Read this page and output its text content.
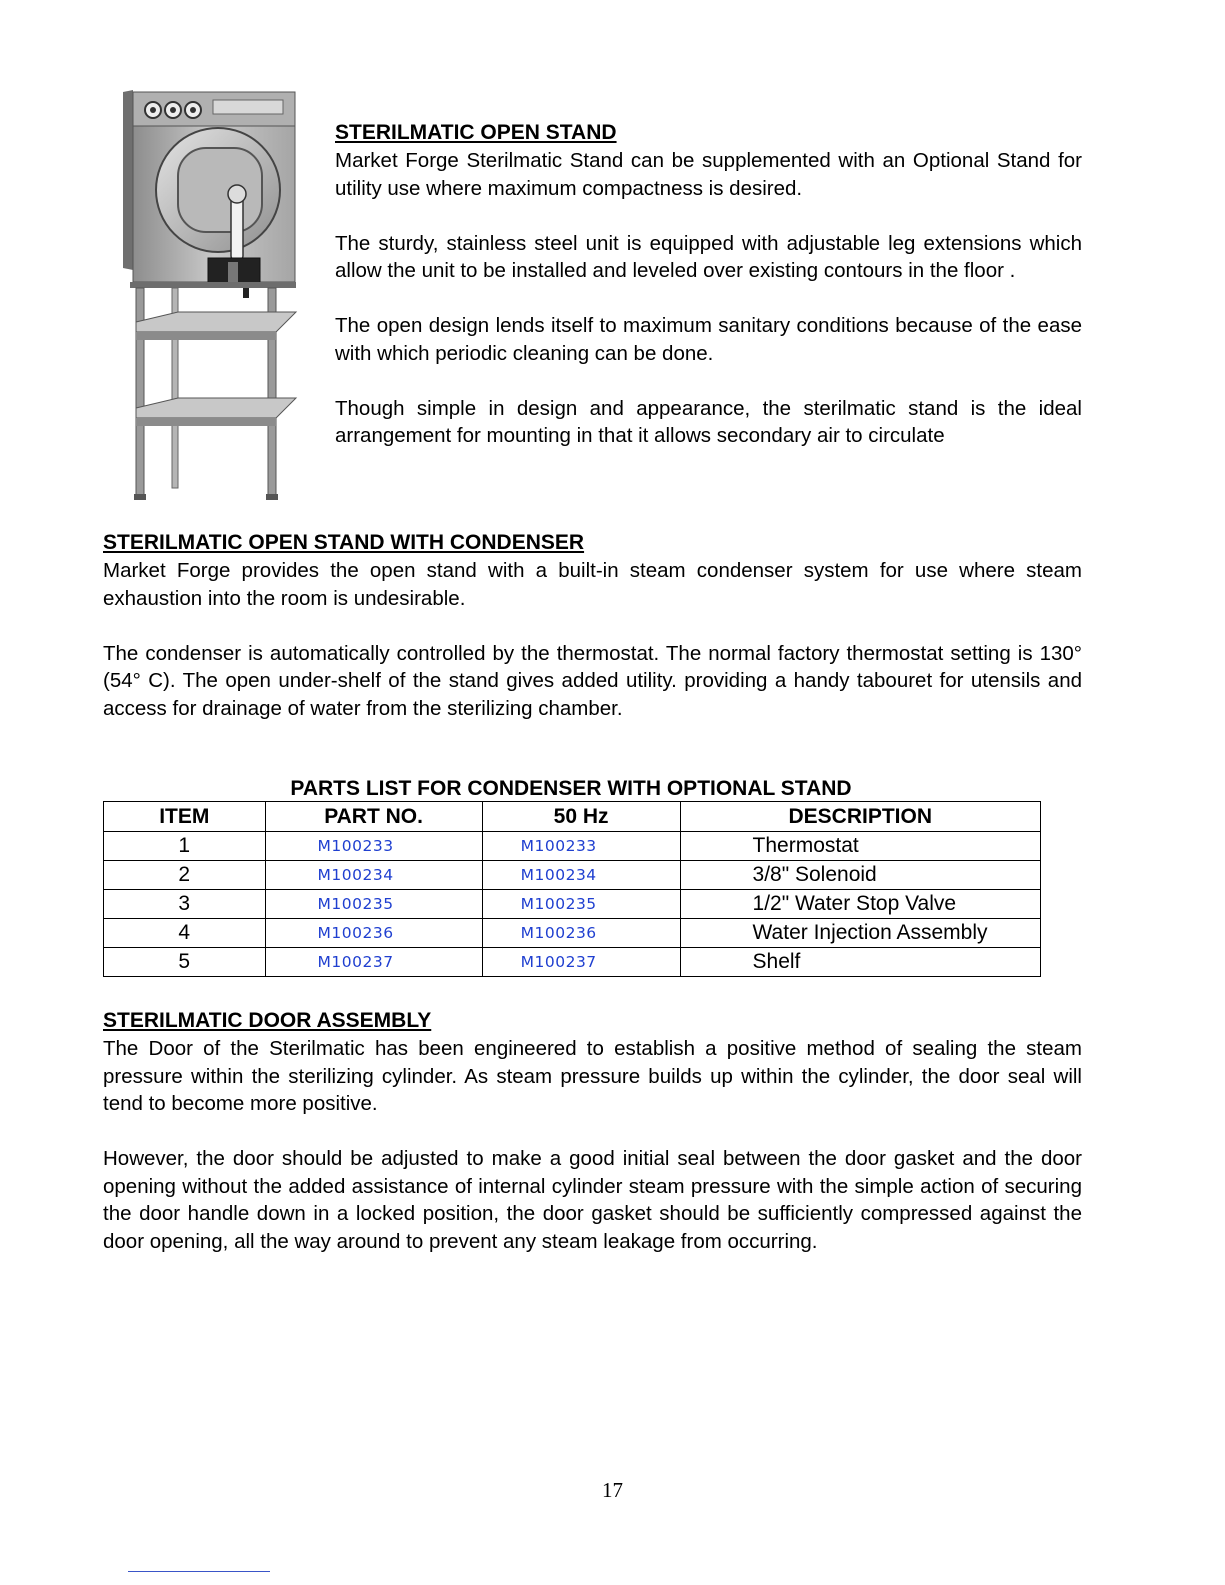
STERILMATIC OPEN STAND
Market Forge Sterilmatic Stand can be supplemented with an Optional Stand for utility use where maximum compactness is desired.
The sturdy, stainless steel unit is equipped with adjustable leg extensions which allow the unit to be installed and leveled over existing contours in the floor .
The open design lends itself to maximum sanitary conditions because of the ease with which periodic cleaning can be done.
Though simple in design and appearance, the sterilmatic stand is the ideal arrangement for mounting in that it allows secondary air to circulate
STERILMATIC OPEN STAND WITH CONDENSER
Market Forge provides the open stand with a built-in steam condenser system for use where steam exhaustion into the room is undesirable.
The condenser is automatically controlled by the thermostat. The normal factory thermostat setting is 130° (54° C). The open under-shelf of the stand gives added utility. providing a handy tabouret for utensils and access for drainage of water from the sterilizing chamber.
PARTS LIST FOR CONDENSER WITH OPTIONAL STAND
ITEM	PART NO.	50 Hz	DESCRIPTION
1	M100233	M100233	Thermostat
2	M100234	M100234	3/8" Solenoid
3	M100235	M100235	1/2" Water Stop Valve
4	M100236	M100236	Water Injection Assembly
5	M100237	M100237	Shelf
STERILMATIC DOOR ASSEMBLY
The Door of the Sterilmatic has been engineered to establish a positive method of sealing the steam pressure within the sterilizing cylinder. As steam pressure builds up within the cylinder, the door seal will tend to become more positive.
However, the door should be adjusted to make a good initial seal between the door gasket and the door opening without the added assistance of internal cylinder steam pressure with the simple action of securing the door handle down in a locked position, the door gasket should be sufficiently compressed against the door opening, all the way around to prevent any steam leakage from occurring.
17
